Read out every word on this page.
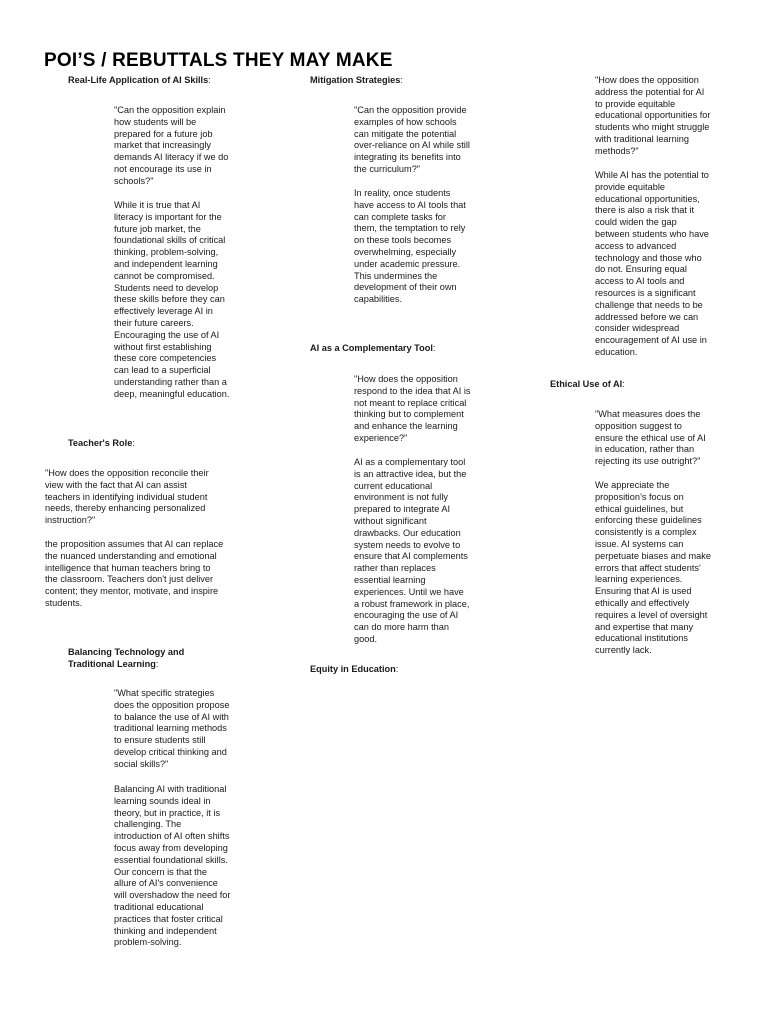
POI’S / REBUTTALS THEY MAY MAKE

Real-Life Application of AI Skills:

"Can the opposition explain
how students will be
prepared for a future job
market that increasingly
demands AI literacy if we do
not encourage its use in
schools?"

While it is true that AI
literacy is important for the
future job market, the
foundational skills of critical
thinking, problem-solving,
and independent learning
cannot be compromised.
Students need to develop
these skills before they can
effectively leverage AI in
their future careers.
Encouraging the use of AI
without first establishing
these core competencies
can lead to a superficial
understanding rather than a
deep, meaningful education.

Teacher's Role:

"How does the opposition reconcile their
view with the fact that AI can assist
teachers in identifying individual student
needs, thereby enhancing personalized
instruction?"

the proposition assumes that AI can replace
the nuanced understanding and emotional
intelligence that human teachers bring to
the classroom. Teachers don't just deliver
content; they mentor, motivate, and inspire
students.

Balancing Technology and
Traditional Learning:

"What specific strategies
does the opposition propose
to balance the use of AI with
traditional learning methods
to ensure students still
develop critical thinking and
social skills?"

Balancing AI with traditional
learning sounds ideal in
theory, but in practice, it is
challenging. The
introduction of AI often shifts
focus away from developing
essential foundational skills.
Our concern is that the
allure of AI's convenience
will overshadow the need for
traditional educational
practices that foster critical
thinking and independent
problem-solving.

Mitigation Strategies:

"Can the opposition provide
examples of how schools
can mitigate the potential
over-reliance on AI while still
integrating its benefits into
the curriculum?"

In reality, once students
have access to AI tools that
can complete tasks for
them, the temptation to rely
on these tools becomes
overwhelming, especially
under academic pressure.
This undermines the
development of their own
capabilities.

AI as a Complementary Tool:

"How does the opposition
respond to the idea that AI is
not meant to replace critical
thinking but to complement
and enhance the learning
experience?"

AI as a complementary tool
is an attractive idea, but the
current educational
environment is not fully
prepared to integrate AI
without significant
drawbacks. Our education
system needs to evolve to
ensure that AI complements
rather than replaces
essential learning
experiences. Until we have
a robust framework in place,
encouraging the use of AI
can do more harm than
good.

Equity in Education:

"How does the opposition
address the potential for AI
to provide equitable
educational opportunities for
students who might struggle
with traditional learning
methods?"

While AI has the potential to
provide equitable
educational opportunities,
there is also a risk that it
could widen the gap
between students who have
access to advanced
technology and those who
do not. Ensuring equal
access to AI tools and
resources is a significant
challenge that needs to be
addressed before we can
consider widespread
encouragement of AI use in
education.

Ethical Use of AI:

"What measures does the
opposition suggest to
ensure the ethical use of AI
in education, rather than
rejecting its use outright?"

We appreciate the
proposition’s focus on
ethical guidelines, but
enforcing these guidelines
consistently is a complex
issue. AI systems can
perpetuate biases and make
errors that affect students'
learning experiences.
Ensuring that AI is used
ethically and effectively
requires a level of oversight
and expertise that many
educational institutions
currently lack.
